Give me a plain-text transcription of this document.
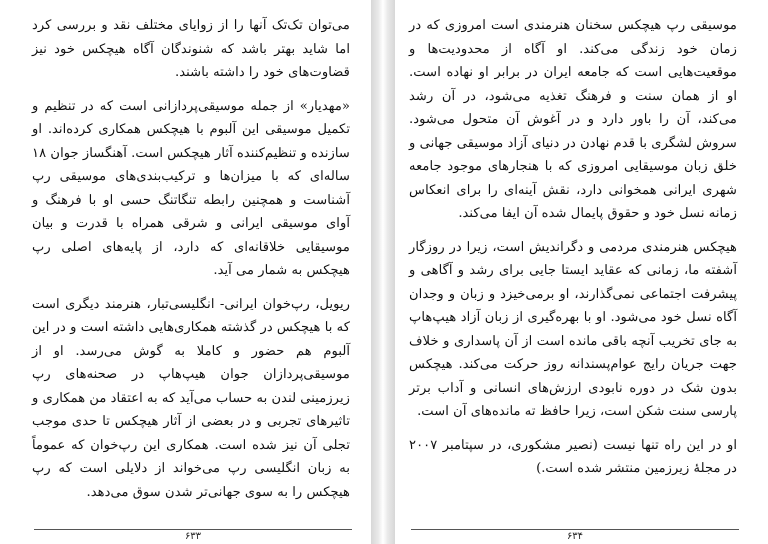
می‌توان تک‌تک آنها را از زوایای مختلف نقد و بررسی کرد اما شاید بهتر باشد که شنوندگان آگاه هیچکس خود نیز قضاوت‌های خود را داشته باشند.

«مهدیار» از جمله موسیقی‌پردازانی است که در تنظیم و تکمیل موسیقی این آلبوم با هیچکس همکاری کرده‌اند. او سازنده و تنظیم‌کننده آثار هیچکس است. آهنگساز جوان ۱۸ ساله‌ای که با میزان‌ها و ترکیب‌بندی‌های موسیقی رپ آشناست و همچنین رابطه تنگاتنگ حسی او با فرهنگ و آوای موسیقی ایرانی و شرقی همراه با قدرت و بیان موسیقایی خلاقانه‌ای که دارد، از پایه‌های اصلی رپ هیچکس به شمار می آید.

ریویل، رپ‌خوان ایرانی- انگلیسی‌تبار، هنرمند دیگری است که با هیچکس در گذشته همکاری‌هایی داشته است و در این آلبوم هم حضور و کاملا به گوش می‌رسد. او از موسیقی‌پردازان جوان هیپ‌هاپ در صحنه‌های رپ زیرزمینی لندن به حساب می‌آید که به اعتقاد من همکاری و تاثیرهای تجربی و در بعضی از آثار هیچکس تا حدی موجب تجلی آن نیز شده است. همکاری این رپ‌خوان که عموماً به زبان انگلیسی رپ می‌خواند از دلایلی است که رپ هیچکس را به سوی جهانی‌تر شدن سوق می‌دهد.

۶۳۳

موسیقی رپ هیچکس سخنان هنرمندی است امروزی که در زمان خود زندگی می‌کند. او آگاه از محدودیت‌ها و موقعیت‌هایی است که جامعه ایران در برابر او نهاده است. او از همان سنت و فرهنگ تغذیه می‌شود، در آن رشد می‌کند، آن را باور دارد و در آغوش آن متحول می‌شود. سروش لشگری با قدم نهادن در دنیای آزاد موسیقی جهانی و خلق زبان موسیقایی امروزی که با هنجارهای موجود جامعه شهری ایرانی همخوانی دارد، نقش آینه‌ای را برای انعکاس زمانه نسل خود و حقوق پایمال شده آن ایفا می‌کند.

هیچکس هنرمندی مردمی و دگراندیش است، زیرا در روزگار آشفته ما، زمانی که عقاید ایستا جایی برای رشد و آگاهی و پیشرفت اجتماعی نمی‌گذارند، او برمی‌خیزد و زبان و وجدان آگاه نسل خود می‌شود. او با بهره‌گیری از زبان آزاد هیپ‌هاپ به جای تخریب آنچه باقی مانده است از آن پاسداری و خلاف جهت جریان رایج عوام‌پسندانه روز حرکت می‌کند. هیچکس بدون شک در دوره نابودی ارزش‌های انسانی و آداب برتر پارسی سنت شکن است، زیرا حافظ ته مانده‌های آن است.

او در این راه تنها نیست (نصیر مشکوری، در سپتامبر ۲۰۰۷ در مجلهٔ زیرزمین منتشر شده است.)

۶۳۴
